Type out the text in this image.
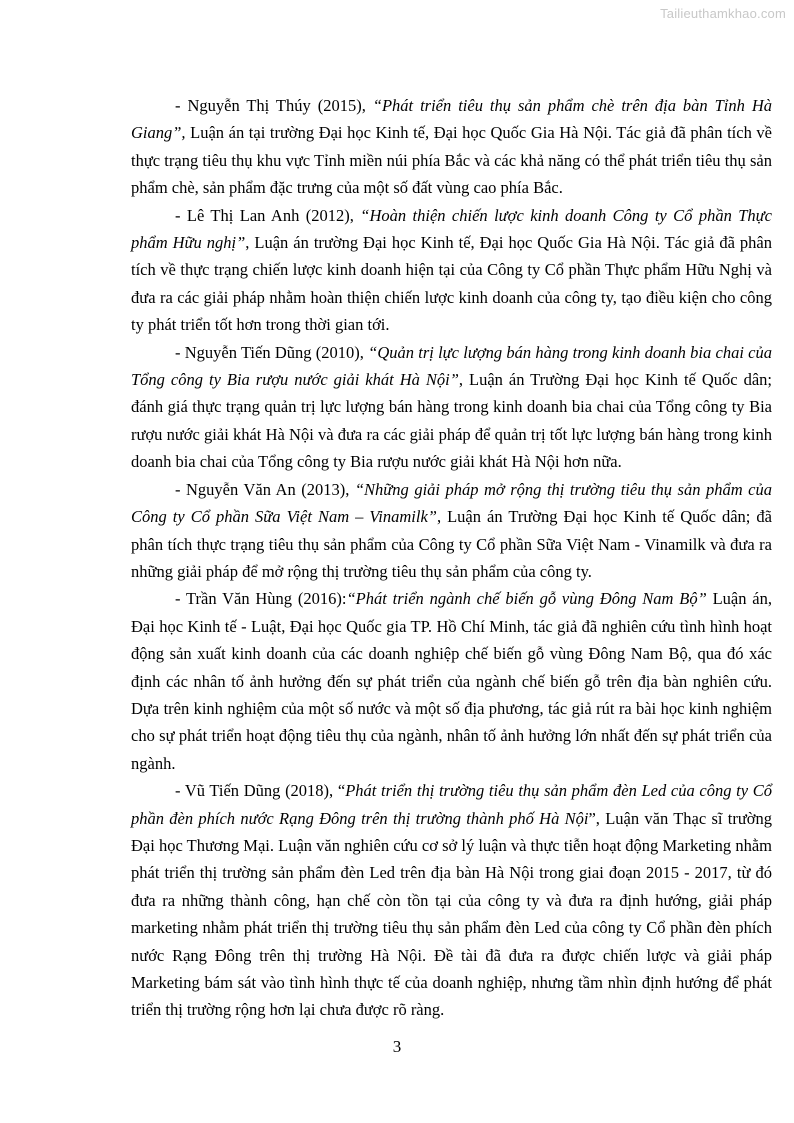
Tailieuthamkhao.com

- Nguyễn Thị Thúy (2015), “Phát triển tiêu thụ sản phẩm chè trên địa bàn Tỉnh Hà Giang”, Luận án tại trường Đại học Kinh tế, Đại học Quốc Gia Hà Nội. Tác giả đã phân tích về thực trạng tiêu thụ khu vực Tỉnh miền núi phía Bắc và các khả năng có thể phát triển tiêu thụ sản phẩm chè, sản phẩm đặc trưng của một số đất vùng cao phía Bắc.

- Lê Thị Lan Anh (2012), “Hoàn thiện chiến lược kinh doanh Công ty Cổ phần Thực phẩm Hữu nghị”, Luận án trường Đại học Kinh tế, Đại học Quốc Gia Hà Nội. Tác giả đã phân tích về thực trạng chiến lược kinh doanh hiện tại của Công ty Cổ phần Thực phẩm Hữu Nghị và đưa ra các giải pháp nhằm hoàn thiện chiến lược kinh doanh của công ty, tạo điều kiện cho công ty phát triển tốt hơn trong thời gian tới.

- Nguyễn Tiến Dũng (2010), “Quản trị lực lượng bán hàng trong kinh doanh bia chai của Tổng công ty Bia rượu nước giải khát Hà Nội”, Luận án Trường Đại học Kinh tế Quốc dân; đánh giá thực trạng quản trị lực lượng bán hàng trong kinh doanh bia chai của Tổng công ty Bia rượu nước giải khát Hà Nội và đưa ra các giải pháp để quản trị tốt lực lượng bán hàng trong kinh doanh bia chai của Tổng công ty Bia rượu nước giải khát Hà Nội hơn nữa.

- Nguyễn Văn An (2013), “Những giải pháp mở rộng thị trường tiêu thụ sản phẩm của Công ty Cổ phần Sữa Việt Nam – Vinamilk”, Luận án Trường Đại học Kinh tế Quốc dân; đã phân tích thực trạng tiêu thụ sản phẩm của Công ty Cổ phần Sữa Việt Nam - Vinamilk và đưa ra những giải pháp để mở rộng thị trường tiêu thụ sản phẩm của công ty.

- Trần Văn Hùng (2016):“Phát triển ngành chế biến gỗ vùng Đông Nam Bộ” Luận án, Đại học Kinh tế - Luật, Đại học Quốc gia TP. Hồ Chí Minh, tác giả đã nghiên cứu tình hình hoạt động sản xuất kinh doanh của các doanh nghiệp chế biến gỗ vùng Đông Nam Bộ, qua đó xác định các nhân tố ảnh hưởng đến sự phát triển của ngành chế biến gỗ trên địa bàn nghiên cứu. Dựa trên kinh nghiệm của một số nước và một số địa phương, tác giả rút ra bài học kinh nghiệm cho sự phát triển hoạt động tiêu thụ của ngành, nhân tố ảnh hưởng lớn nhất đến sự phát triển của ngành.

- Vũ Tiến Dũng (2018), “Phát triển thị trường tiêu thụ sản phẩm đèn Led của công ty Cổ phần đèn phích nước Rạng Đông trên thị trường thành phố Hà Nội”, Luận văn Thạc sĩ trường Đại học Thương Mại. Luận văn nghiên cứu cơ sở lý luận và thực tiễn hoạt động Marketing nhằm phát triển thị trường sản phẩm đèn Led trên địa bàn Hà Nội trong giai đoạn 2015 - 2017, từ đó đưa ra những thành công, hạn chế còn tồn tại của công ty và đưa ra định hướng, giải pháp marketing nhằm phát triển thị trường tiêu thụ sản phẩm đèn Led của công ty Cổ phần đèn phích nước Rạng Đông trên thị trường Hà Nội. Đề tài đã đưa ra được chiến lược và giải pháp Marketing bám sát vào tình hình thực tế của doanh nghiệp, nhưng tầm nhìn định hướng để phát triển thị trường rộng hơn lại chưa được rõ ràng.

3
